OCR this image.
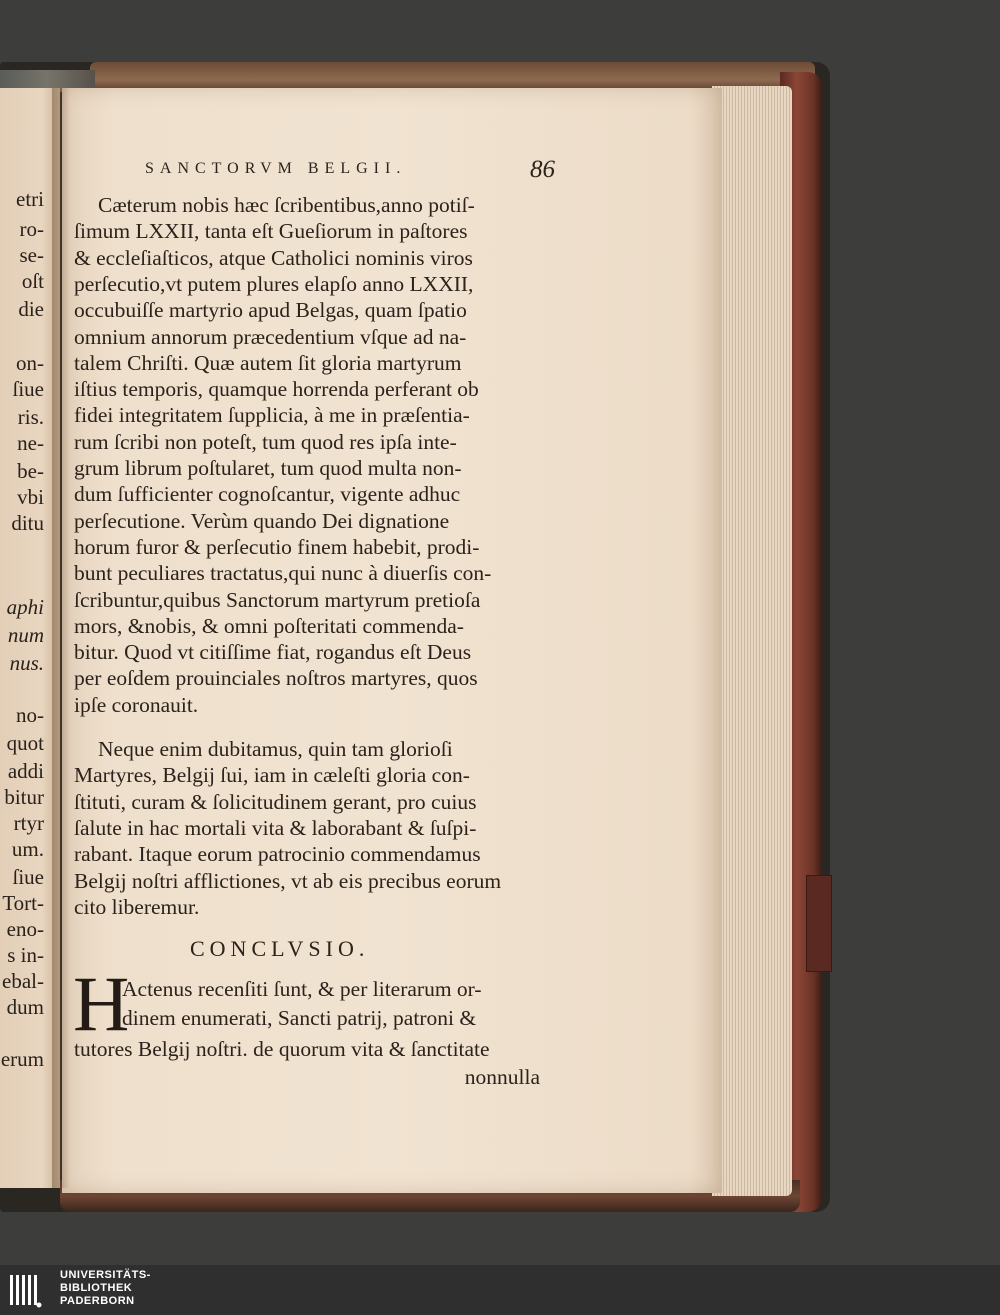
etri
ro-
se-
oſt
die
on-
ſiue
ris.
ne-
be-
vbi
ditu
aphi
num
nus.
no-
quot
addi
bitur
rtyr
um.
ſiue
Tort-
eno-
s in-
ebal-
dum
erum
SANCTORVM BELGII.	86
Cæterum nobis hæc ſcribentibus,anno potiſ-
ſimum LXXII, tanta eſt Gueſiorum in paſtores
& eccleſiaſticos, atque Catholici nominis viros
perſecutio,vt putem plures elapſo anno LXXII,
occubuiſſe martyrio apud Belgas, quam ſpatio
omnium annorum præcedentium vſque ad na-
talem Chriſti. Quæ autem ſit gloria martyrum
iſtius temporis, quamque horrenda perferant ob
fidei integritatem ſupplicia, à me in præſentia-
rum ſcribi non poteſt, tum quod res ipſa inte-
grum librum poſtularet, tum quod multa non-
dum ſufficienter cognoſcantur, vigente adhuc
perſecutione. Verùm quando Dei dignatione
horum furor & perſecutio finem habebit, prodi-
bunt peculiares tractatus,qui nunc à diuerſis con-
ſcribuntur,quibus Sanctorum martyrum pretioſa
mors, &nobis, & omni poſteritati commenda-
bitur. Quod vt citiſſime fiat, rogandus eſt Deus
per eoſdem prouinciales noſtros martyres, quos
ipſe coronauit.
Neque enim dubitamus, quin tam glorioſi
Martyres, Belgij ſui, iam in cæleſti gloria con-
ſtituti, curam & ſolicitudinem gerant, pro cuius
ſalute in hac mortali vita & laborabant & ſuſpi-
rabant. Itaque eorum patrocinio commendamus
Belgij noſtri afflictiones, vt ab eis precibus eorum
cito liberemur.
CONCLVSIO.
H
Actenus recenſiti ſunt, & per literarum or-
dinem enumerati, Sancti patrij, patroni &
tutores Belgij noſtri. de quorum vita & ſanctitate
nonnulla
UNIVERSITÄTS-
BIBLIOTHEK
PADERBORN
